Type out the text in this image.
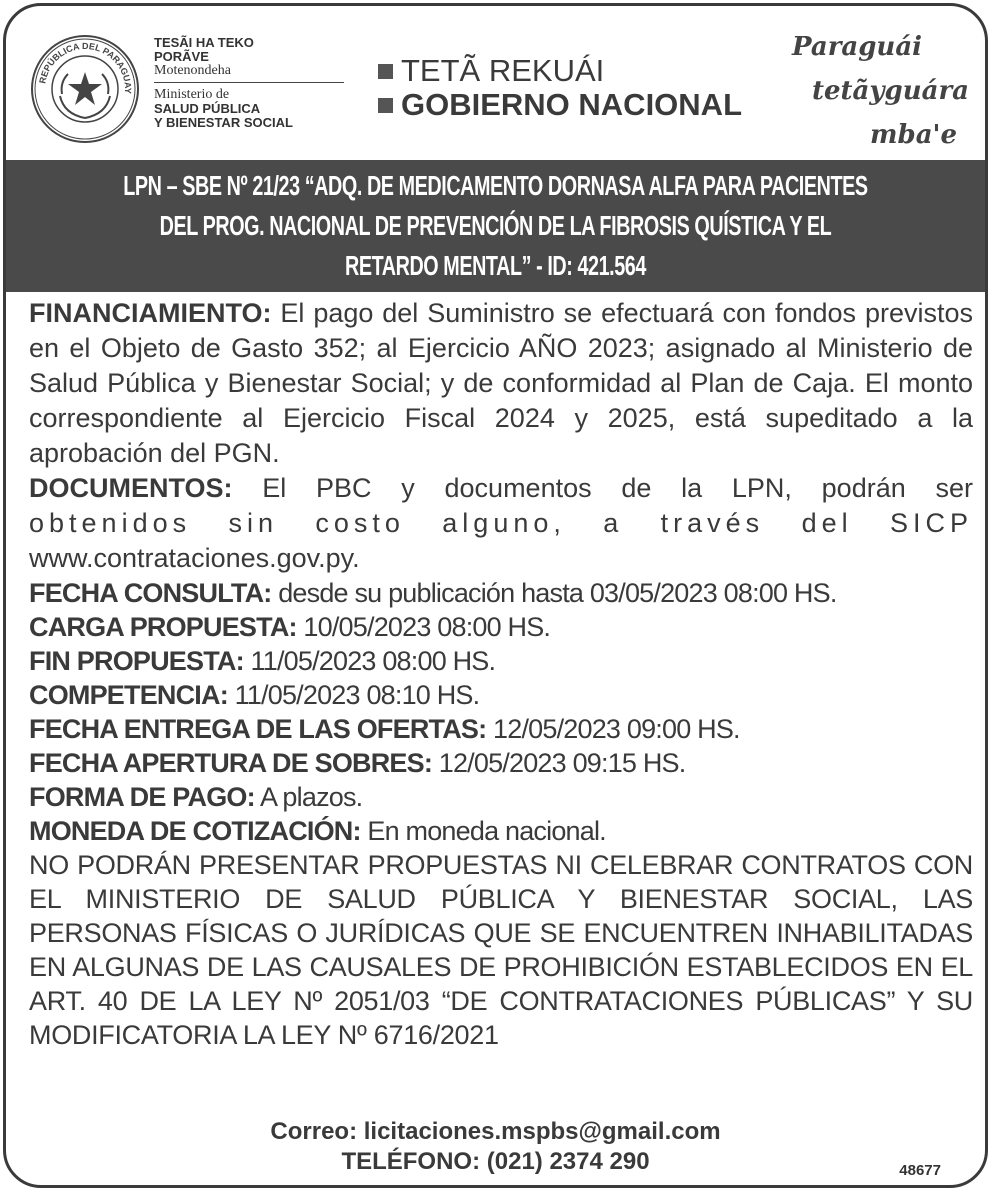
REPÚBLICA DEL PARAGUAY
TESÃI HA TEKO
PORÃVE
Motenondeha
Ministerio de
SALUD PÚBLICA
Y BIENESTAR SOCIAL
TETÃ REKUÁI
GOBIERNO NACIONAL
Paraguái
tetãyguára
mba'e
LPN – SBE Nº 21/23 “ADQ. DE MEDICAMENTO DORNASA ALFA PARA PACIENTES
DEL PROG. NACIONAL DE PREVENCIÓN DE LA FIBROSIS QUÍSTICA Y EL
RETARDO MENTAL” - ID: 421.564
FINANCIAMIENTO: El pago del Suministro se efectuará con fondos previstos en el Objeto de Gasto 352; al Ejercicio AÑO 2023; asignado al Ministerio de Salud Pública y Bienestar Social; y de conformidad al Plan de Caja. El monto correspondiente al Ejercicio Fiscal 2024 y 2025, está supeditado a la aprobación del PGN.
DOCUMENTOS: El PBC y documentos de la LPN, podrán ser
obtenidos sin costo alguno, a través del SICP
www.contrataciones.gov.py.
FECHA CONSULTA: desde su publicación hasta 03/05/2023 08:00 HS.
CARGA PROPUESTA: 10/05/2023 08:00 HS.
FIN PROPUESTA: 11/05/2023 08:00 HS.
COMPETENCIA: 11/05/2023 08:10 HS.
FECHA ENTREGA DE LAS OFERTAS: 12/05/2023 09:00 HS.
FECHA APERTURA DE SOBRES: 12/05/2023 09:15 HS.
FORMA DE PAGO: A plazos.
MONEDA DE COTIZACIÓN: En moneda nacional.
NO PODRÁN PRESENTAR PROPUESTAS NI CELEBRAR CONTRATOS CON EL MINISTERIO DE SALUD PÚBLICA Y BIENESTAR SOCIAL, LAS PERSONAS FÍSICAS O JURÍDICAS QUE SE ENCUENTREN INHABILITADAS EN ALGUNAS DE LAS CAUSALES DE PROHIBICIÓN ESTABLECIDOS EN EL ART. 40 DE LA LEY Nº 2051/03 “DE CONTRATACIONES PÚBLICAS” Y SU MODIFICATORIA LA LEY Nº 6716/2021
Correo: licitaciones.mspbs@gmail.com
TELÉFONO: (021) 2374 290	48677
